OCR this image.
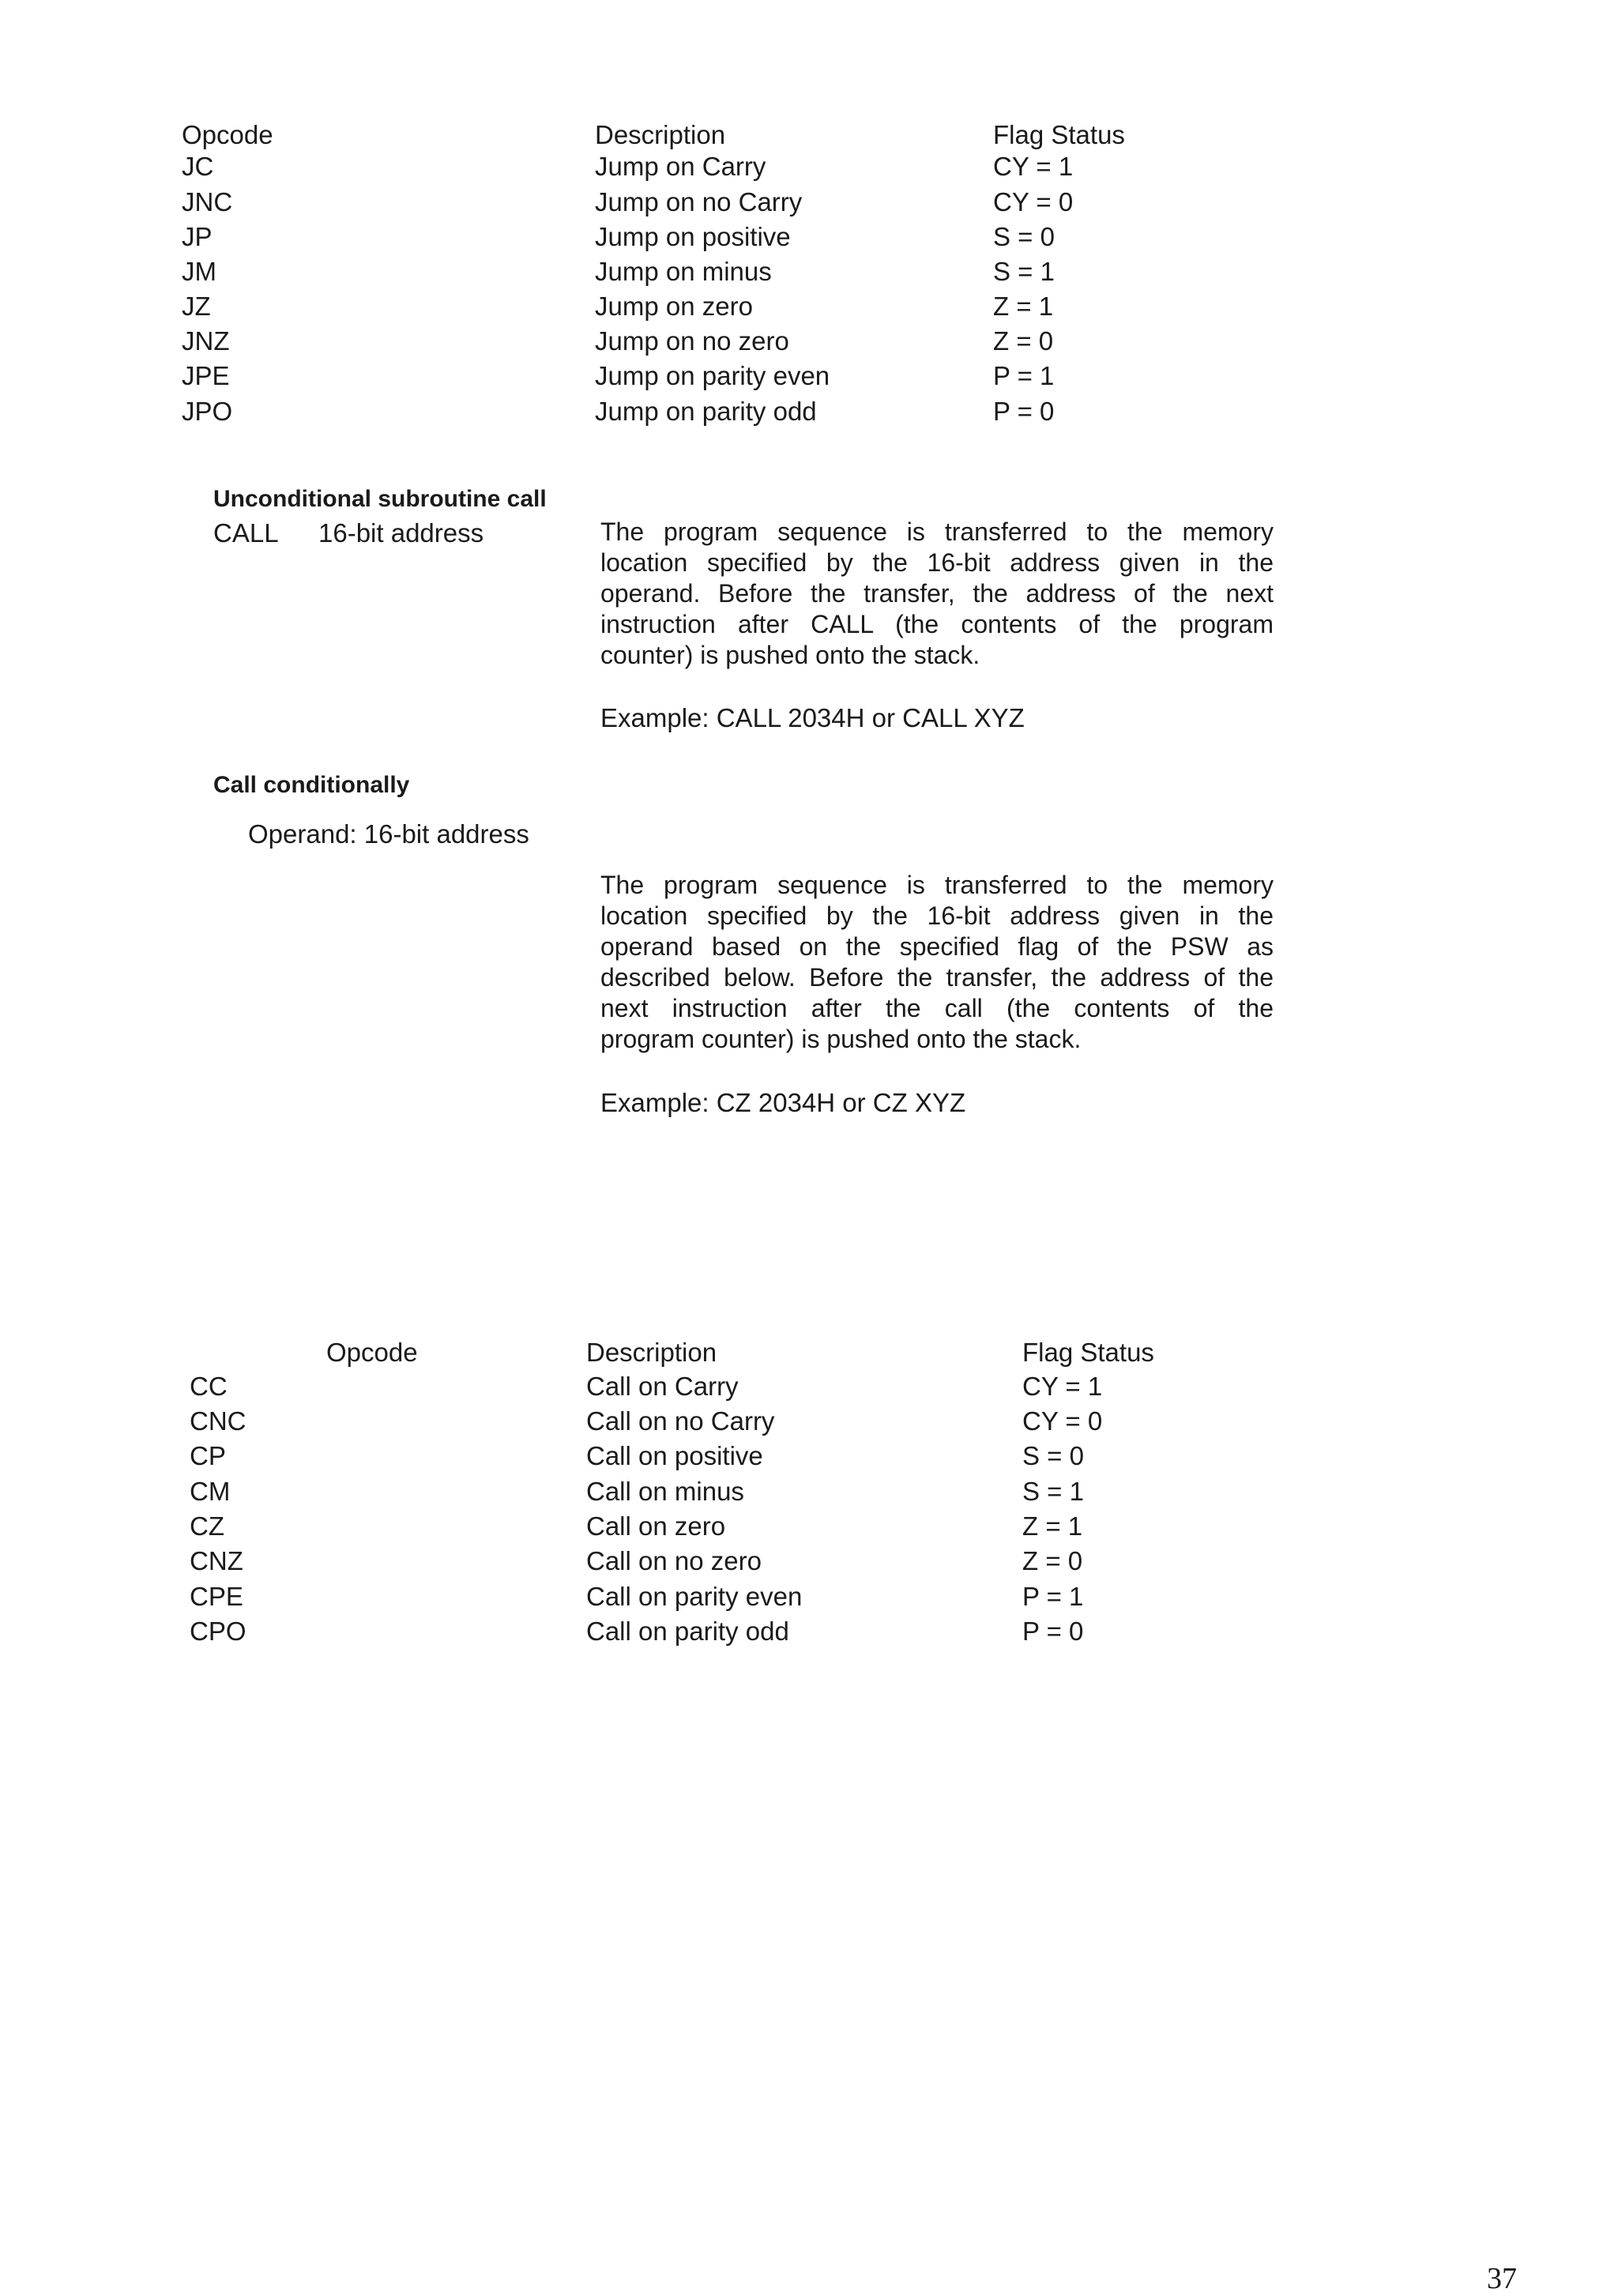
Opcode	Description	Flag Status
JC	Jump on Carry	CY = 1
JNC	Jump on no Carry	CY = 0
JP	Jump on positive	S = 0
JM	Jump on minus	S = 1
JZ	Jump on zero	Z = 1
JNZ	Jump on no zero	Z = 0
JPE	Jump on parity even	P = 1
JPO	Jump on parity odd	P = 0
Unconditional subroutine call
CALL 16-bit address	The program sequence is transferred to the memory
location specified by the 16-bit address given in the
operand. Before the transfer, the address of the next
instruction after CALL (the contents of the program
counter) is pushed onto the stack.
Example: CALL 2034H or CALL XYZ
Call conditionally
Operand: 16-bit address
The program sequence is transferred to the memory
location specified by the 16-bit address given in the
operand based on the specified flag of the PSW as
described below. Before the transfer, the address of the
next instruction after the call (the contents of the
program counter) is pushed onto the stack.
Example: CZ 2034H or CZ XYZ
Opcode	Description	Flag Status
CC	Call on Carry	CY = 1
CNC	Call on no Carry	CY = 0
CP	Call on positive	S = 0
CM	Call on minus	S = 1
CZ	Call on zero	Z = 1
CNZ	Call on no zero	Z = 0
CPE	Call on parity even	P = 1
CPO	Call on parity odd	P = 0
37
